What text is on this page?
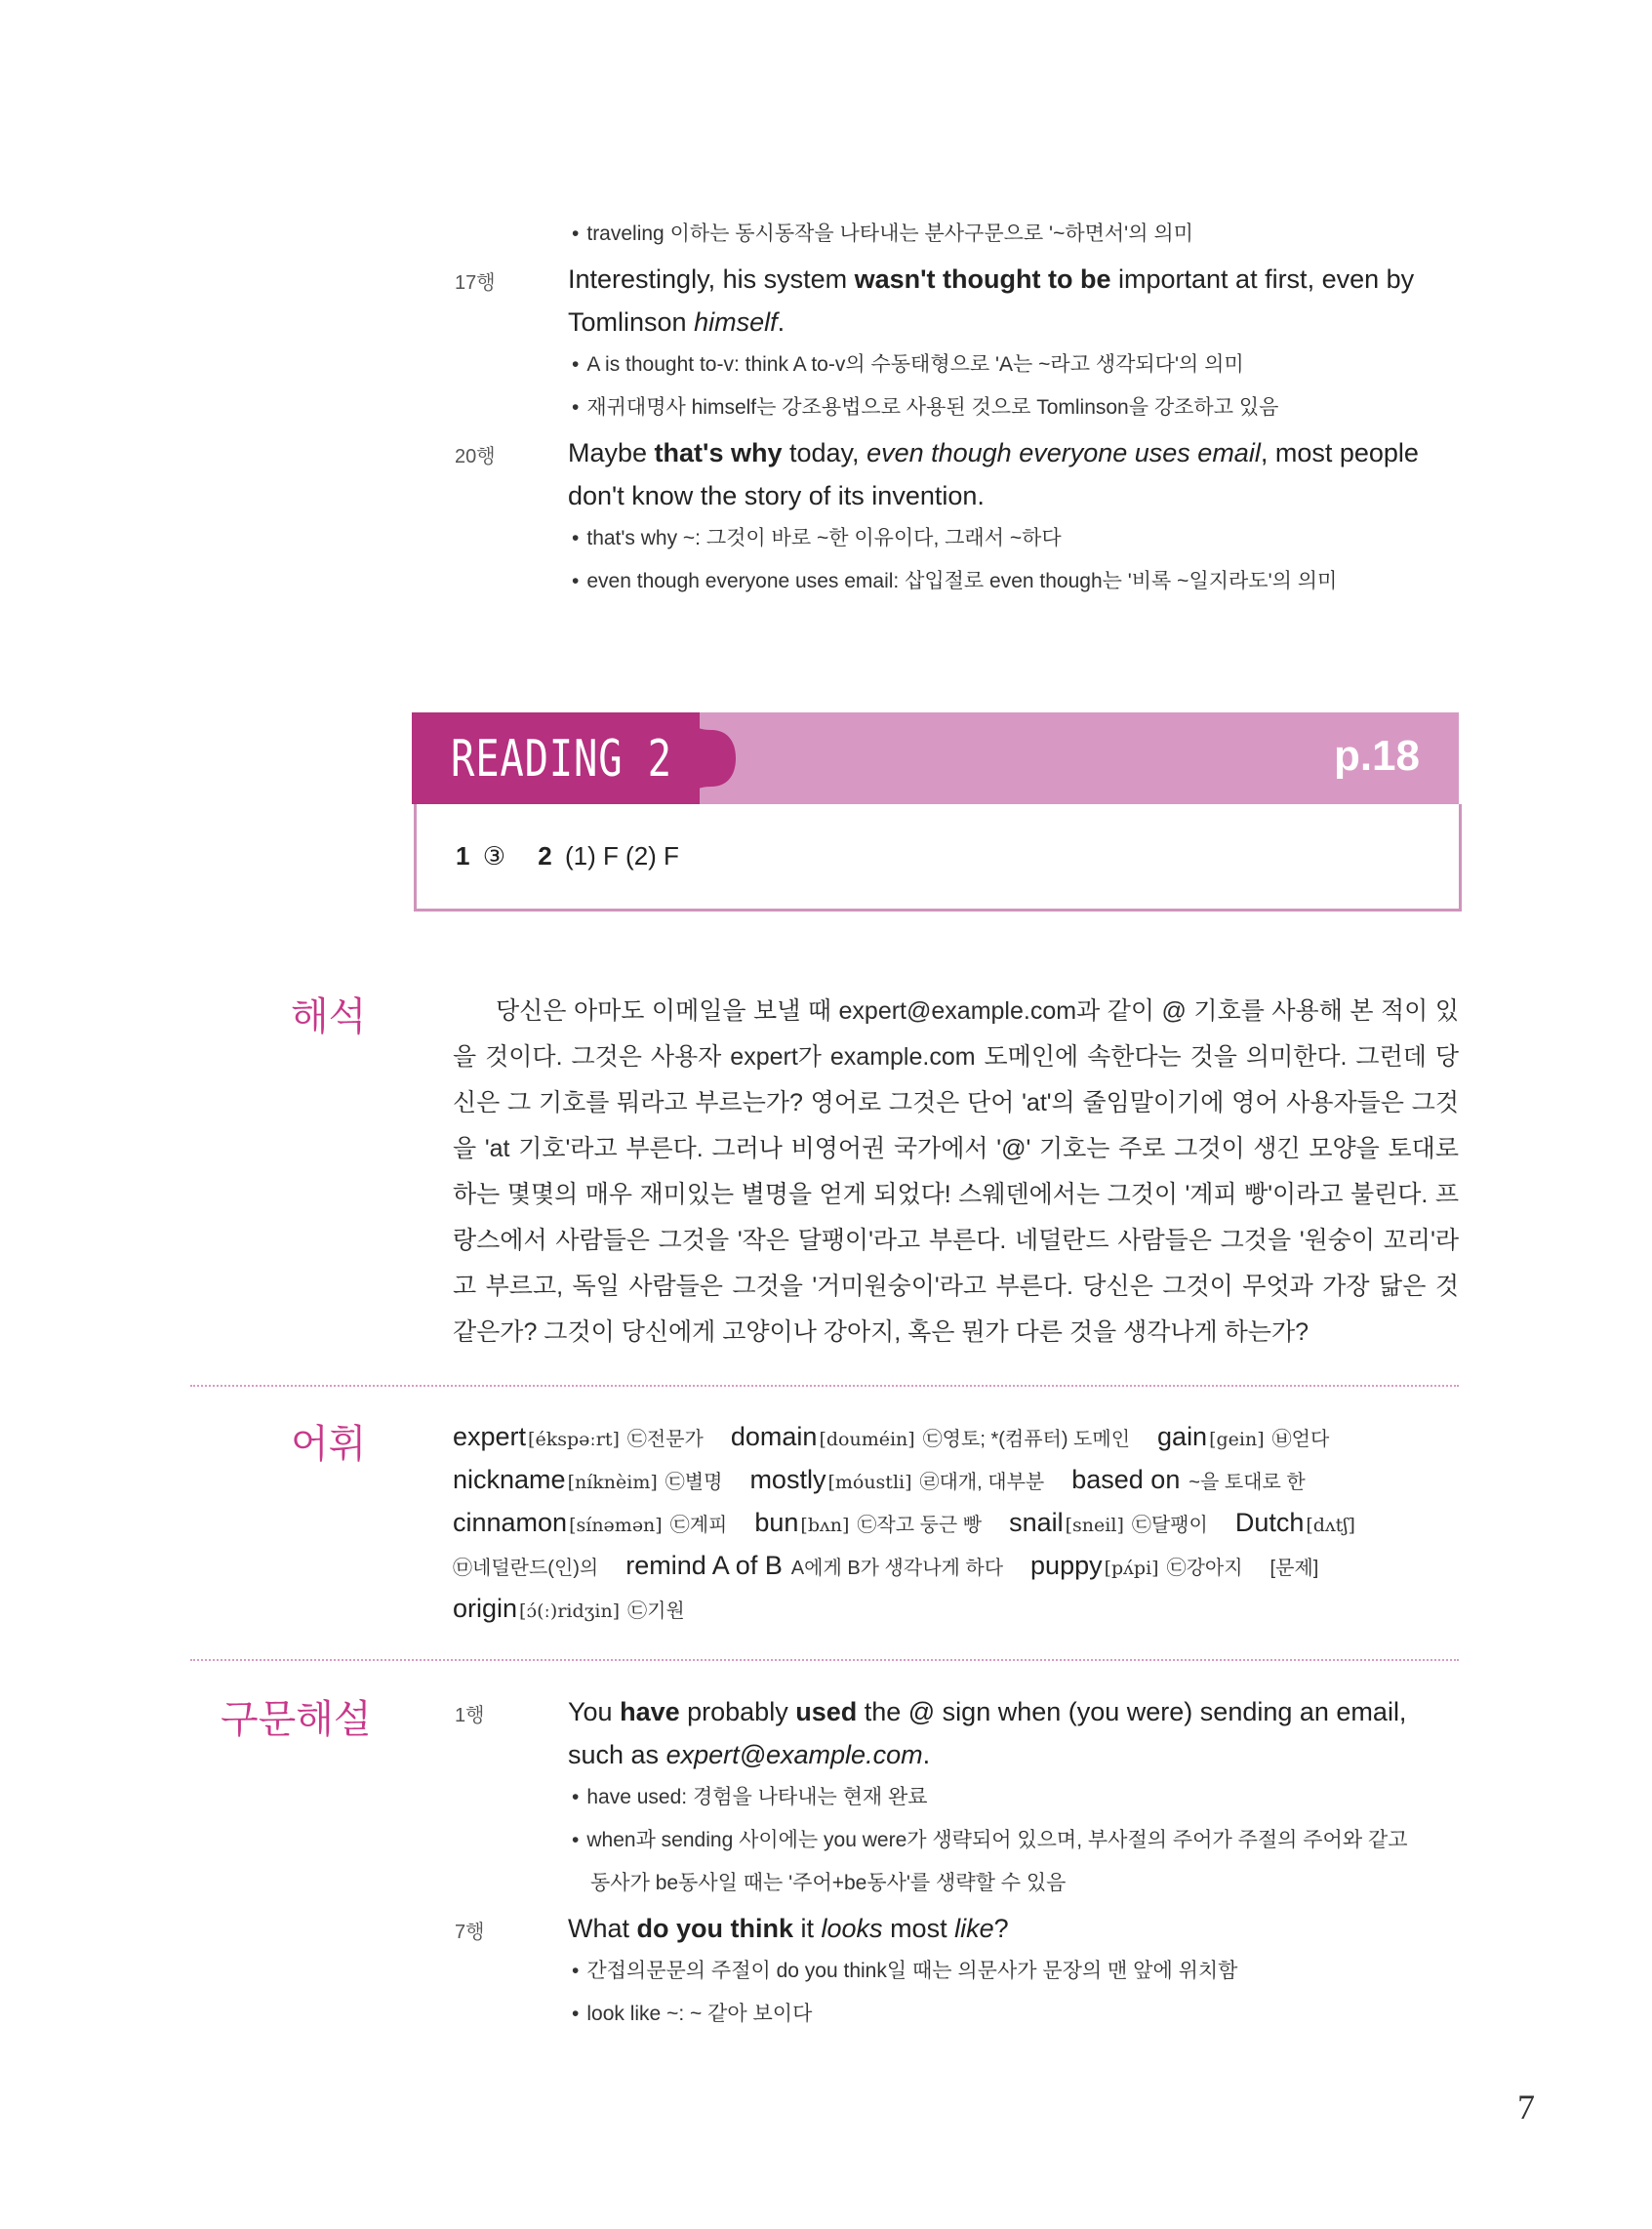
• traveling 이하는 동시동작을 나타내는 분사구문으로 '~하면서'의 의미
17행	Interestingly, his system wasn't thought to be important at first, even by
Tomlinson himself.
• A is thought to-v: think A to-v의 수동태형으로 'A는 ~라고 생각되다'의 의미
• 재귀대명사 himself는 강조용법으로 사용된 것으로 Tomlinson을 강조하고 있음
20행	Maybe that's why today, even though everyone uses email, most people
don't know the story of its invention.
• that's why ~: 그것이 바로 ~한 이유이다, 그래서 ~하다
• even though everyone uses email: 삽입절로 even though는 '비록 ~일지라도'의 의미
READING 2	p.18
1 ③ 2 (1) F (2) F
해석	당신은 아마도 이메일을 보낼 때 expert@example.com과 같이 @ 기호를 사용해 본 적이 있을 것이다. 그것은 사용자 expert가 example.com 도메인에 속한다는 것을 의미한다. 그런데 당신은 그 기호를 뭐라고 부르는가? 영어로 그것은 단어 'at'의 줄임말이기에 영어 사용자들은 그것을 'at 기호'라고 부른다. 그러나 비영어권 국가에서 '@' 기호는 주로 그것이 생긴 모양을 토대로 하는 몇몇의 매우 재미있는 별명을 얻게 되었다! 스웨덴에서는 그것이 '계피 빵'이라고 불린다. 프랑스에서 사람들은 그것을 '작은 달팽이'라고 부른다. 네덜란드 사람들은 그것을 '원숭이 꼬리'라고 부르고, 독일 사람들은 그것을 '거미원숭이'라고 부른다. 당신은 그것이 무엇과 가장 닮은 것 같은가? 그것이 당신에게 고양이나 강아지, 혹은 뭔가 다른 것을 생각나게 하는가?
어휘	expert [ékspəːrt] ㉢전문가 domain [douméin] ㉢영토; *(컴퓨터) 도메인 gain [gein] ㉥얻다
nickname [níknèim] ㉢별명 mostly [móustli] ㉣대개, 대부분 based on ~을 토대로 한
cinnamon [sínəmən] ㉢계피 bun [bʌn] ㉢작고 둥근 빵 snail [sneil] ㉢달팽이 Dutch [dʌtʃ]
㉤네덜란드(인)의 remind A of B A에게 B가 생각나게 하다 puppy [pʌ́pi] ㉢강아지 [문제]
origin [ɔ́(ː)ridʒin] ㉢기원
구문해설	1행	You have probably used the @ sign when (you were) sending an email,
such as expert@example.com.
• have used: 경험을 나타내는 현재 완료
• when과 sending 사이에는 you were가 생략되어 있으며, 부사절의 주어가 주절의 주어와 같고
동사가 be동사일 때는 '주어+be동사'를 생략할 수 있음
7행	What do you think it looks most like?
• 간접의문문의 주절이 do you think일 때는 의문사가 문장의 맨 앞에 위치함
• look like ~: ~ 같아 보이다
7
